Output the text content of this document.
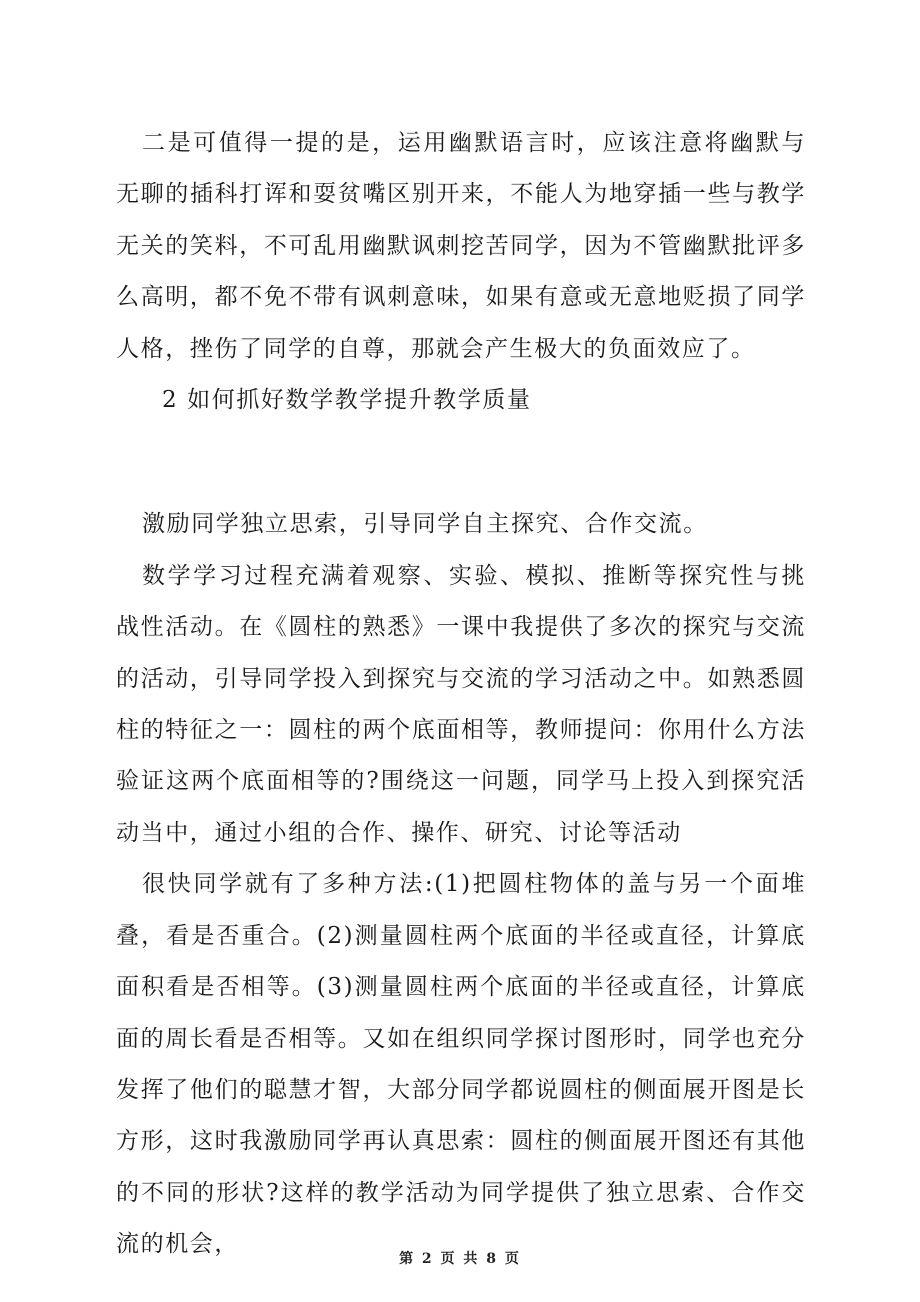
二是可值得一提的是，运用幽默语言时，应该注意将幽默与无聊的插科打诨和耍贫嘴区别开来，不能人为地穿插一些与教学无关的笑料，不可乱用幽默讽刺挖苦同学，因为不管幽默批评多么高明，都不免不带有讽刺意味，如果有意或无意地贬损了同学人格，挫伤了同学的自尊，那就会产生极大的负面效应了。

2 如何抓好数学教学提升教学质量

激励同学独立思索，引导同学自主探究、合作交流。

数学学习过程充满着观察、实验、模拟、推断等探究性与挑战性活动。在《圆柱的熟悉》一课中我提供了多次的探究与交流的活动，引导同学投入到探究与交流的学习活动之中。如熟悉圆柱的特征之一：圆柱的两个底面相等，教师提问：你用什么方法验证这两个底面相等的?围绕这一问题，同学马上投入到探究活动当中，通过小组的合作、操作、研究、讨论等活动

很快同学就有了多种方法:(1)把圆柱物体的盖与另一个面堆叠，看是否重合。(2)测量圆柱两个底面的半径或直径，计算底面积看是否相等。(3)测量圆柱两个底面的半径或直径，计算底面的周长看是否相等。又如在组织同学探讨图形时，同学也充分发挥了他们的聪慧才智，大部分同学都说圆柱的侧面展开图是长方形，这时我激励同学再认真思索：圆柱的侧面展开图还有其他的不同的形状?这样的教学活动为同学提供了独立思索、合作交流的机会，

第 2 页 共 8 页
